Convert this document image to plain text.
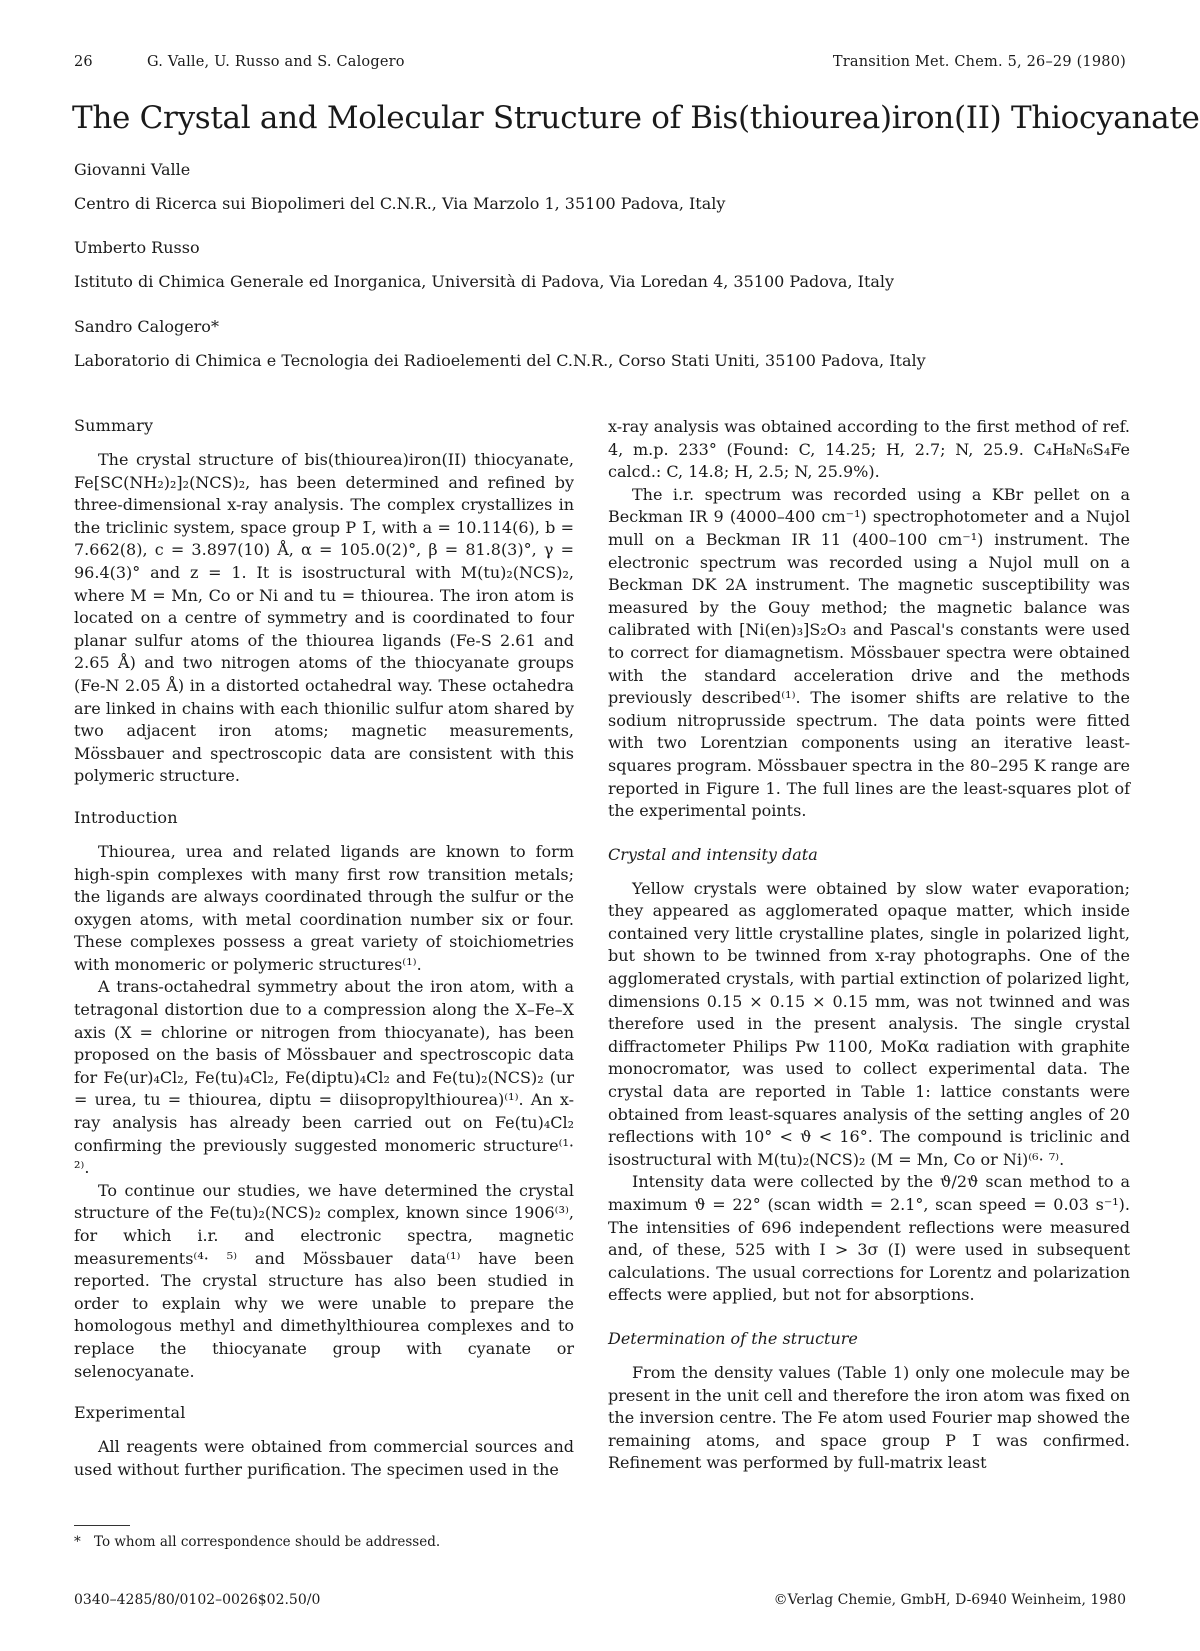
26	G. Valle, U. Russo and S. Calogero	Transition Met. Chem. 5, 26–29 (1980)
The Crystal and Molecular Structure of Bis(thiourea)iron(II) Thiocyanate
Giovanni Valle
Centro di Ricerca sui Biopolimeri del C.N.R., Via Marzolo 1, 35100 Padova, Italy
Umberto Russo
Istituto di Chimica Generale ed Inorganica, Università di Padova, Via Loredan 4, 35100 Padova, Italy
Sandro Calogero*
Laboratorio di Chimica e Tecnologia dei Radioelementi del C.N.R., Corso Stati Uniti, 35100 Padova, Italy
Summary

The crystal structure of bis(thiourea)iron(II) thiocyanate, Fe[SC(NH₂)₂]₂(NCS)₂, has been determined and refined by three-dimensional x-ray analysis. The complex crystallizes in the triclinic system, space group P 1̅, with a = 10.114(6), b = 7.662(8), c = 3.897(10) Å, α = 105.0(2)°, β = 81.8(3)°, γ = 96.4(3)° and z = 1. It is isostructural with M(tu)₂(NCS)₂, where M = Mn, Co or Ni and tu = thiourea. The iron atom is located on a centre of symmetry and is coordinated to four planar sulfur atoms of the thiourea ligands (Fe-S 2.61 and 2.65 Å) and two nitrogen atoms of the thiocyanate groups (Fe-N 2.05 Å) in a distorted octahedral way. These octahedra are linked in chains with each thionilic sulfur atom shared by two adjacent iron atoms; magnetic measurements, Mössbauer and spectroscopic data are consistent with this polymeric structure.

Introduction

Thiourea, urea and related ligands are known to form high-spin complexes with many first row transition metals; the ligands are always coordinated through the sulfur or the oxygen atoms, with metal coordination number six or four. These complexes possess a great variety of stoichiometries with monomeric or polymeric structures⁽¹⁾.

A trans-octahedral symmetry about the iron atom, with a tetragonal distortion due to a compression along the X–Fe–X axis (X = chlorine or nitrogen from thiocyanate), has been proposed on the basis of Mössbauer and spectroscopic data for Fe(ur)₄Cl₂, Fe(tu)₄Cl₂, Fe(diptu)₄Cl₂ and Fe(tu)₂(NCS)₂ (ur = urea, tu = thiourea, diptu = diisopropylthiourea)⁽¹⁾. An x-ray analysis has already been carried out on Fe(tu)₄Cl₂ confirming the previously suggested monomeric structure⁽¹· ²⁾.

To continue our studies, we have determined the crystal structure of the Fe(tu)₂(NCS)₂ complex, known since 1906⁽³⁾, for which i.r. and electronic spectra, magnetic measurements⁽⁴· ⁵⁾ and Mössbauer data⁽¹⁾ have been reported. The crystal structure has also been studied in order to explain why we were unable to prepare the homologous methyl and dimethylthiourea complexes and to replace the thiocyanate group with cyanate or selenocyanate.

Experimental

All reagents were obtained from commercial sources and used without further purification. The specimen used in the

x-ray analysis was obtained according to the first method of ref. 4, m.p. 233° (Found: C, 14.25; H, 2.7; N, 25.9. C₄H₈N₆S₄Fe calcd.: C, 14.8; H, 2.5; N, 25.9%).

The i.r. spectrum was recorded using a KBr pellet on a Beckman IR 9 (4000–400 cm⁻¹) spectrophotometer and a Nujol mull on a Beckman IR 11 (400–100 cm⁻¹) instrument. The electronic spectrum was recorded using a Nujol mull on a Beckman DK 2A instrument. The magnetic susceptibility was measured by the Gouy method; the magnetic balance was calibrated with [Ni(en)₃]S₂O₃ and Pascal's constants were used to correct for diamagnetism. Mössbauer spectra were obtained with the standard acceleration drive and the methods previously described⁽¹⁾. The isomer shifts are relative to the sodium nitroprusside spectrum. The data points were fitted with two Lorentzian components using an iterative least-squares program. Mössbauer spectra in the 80–295 K range are reported in Figure 1. The full lines are the least-squares plot of the experimental points.

Crystal and intensity data

Yellow crystals were obtained by slow water evaporation; they appeared as agglomerated opaque matter, which inside contained very little crystalline plates, single in polarized light, but shown to be twinned from x-ray photographs. One of the agglomerated crystals, with partial extinction of polarized light, dimensions 0.15 × 0.15 × 0.15 mm, was not twinned and was therefore used in the present analysis. The single crystal diffractometer Philips Pw 1100, MoKα radiation with graphite monocromator, was used to collect experimental data. The crystal data are reported in Table 1: lattice constants were obtained from least-squares analysis of the setting angles of 20 reflections with 10° < ϑ < 16°. The compound is triclinic and isostructural with M(tu)₂(NCS)₂ (M = Mn, Co or Ni)⁽⁶· ⁷⁾.

Intensity data were collected by the ϑ/2ϑ scan method to a maximum ϑ = 22° (scan width = 2.1°, scan speed = 0.03 s⁻¹). The intensities of 696 independent reflections were measured and, of these, 525 with I > 3σ (I) were used in subsequent calculations. The usual corrections for Lorentz and polarization effects were applied, but not for absorptions.

Determination of the structure

From the density values (Table 1) only one molecule may be present in the unit cell and therefore the iron atom was fixed on the inversion centre. The Fe atom used Fourier map showed the remaining atoms, and space group P 1̅ was confirmed. Refinement was performed by full-matrix least

* To whom all correspondence should be addressed.
0340–4285/80/0102–0026$02.50/0	©Verlag Chemie, GmbH, D-6940 Weinheim, 1980
